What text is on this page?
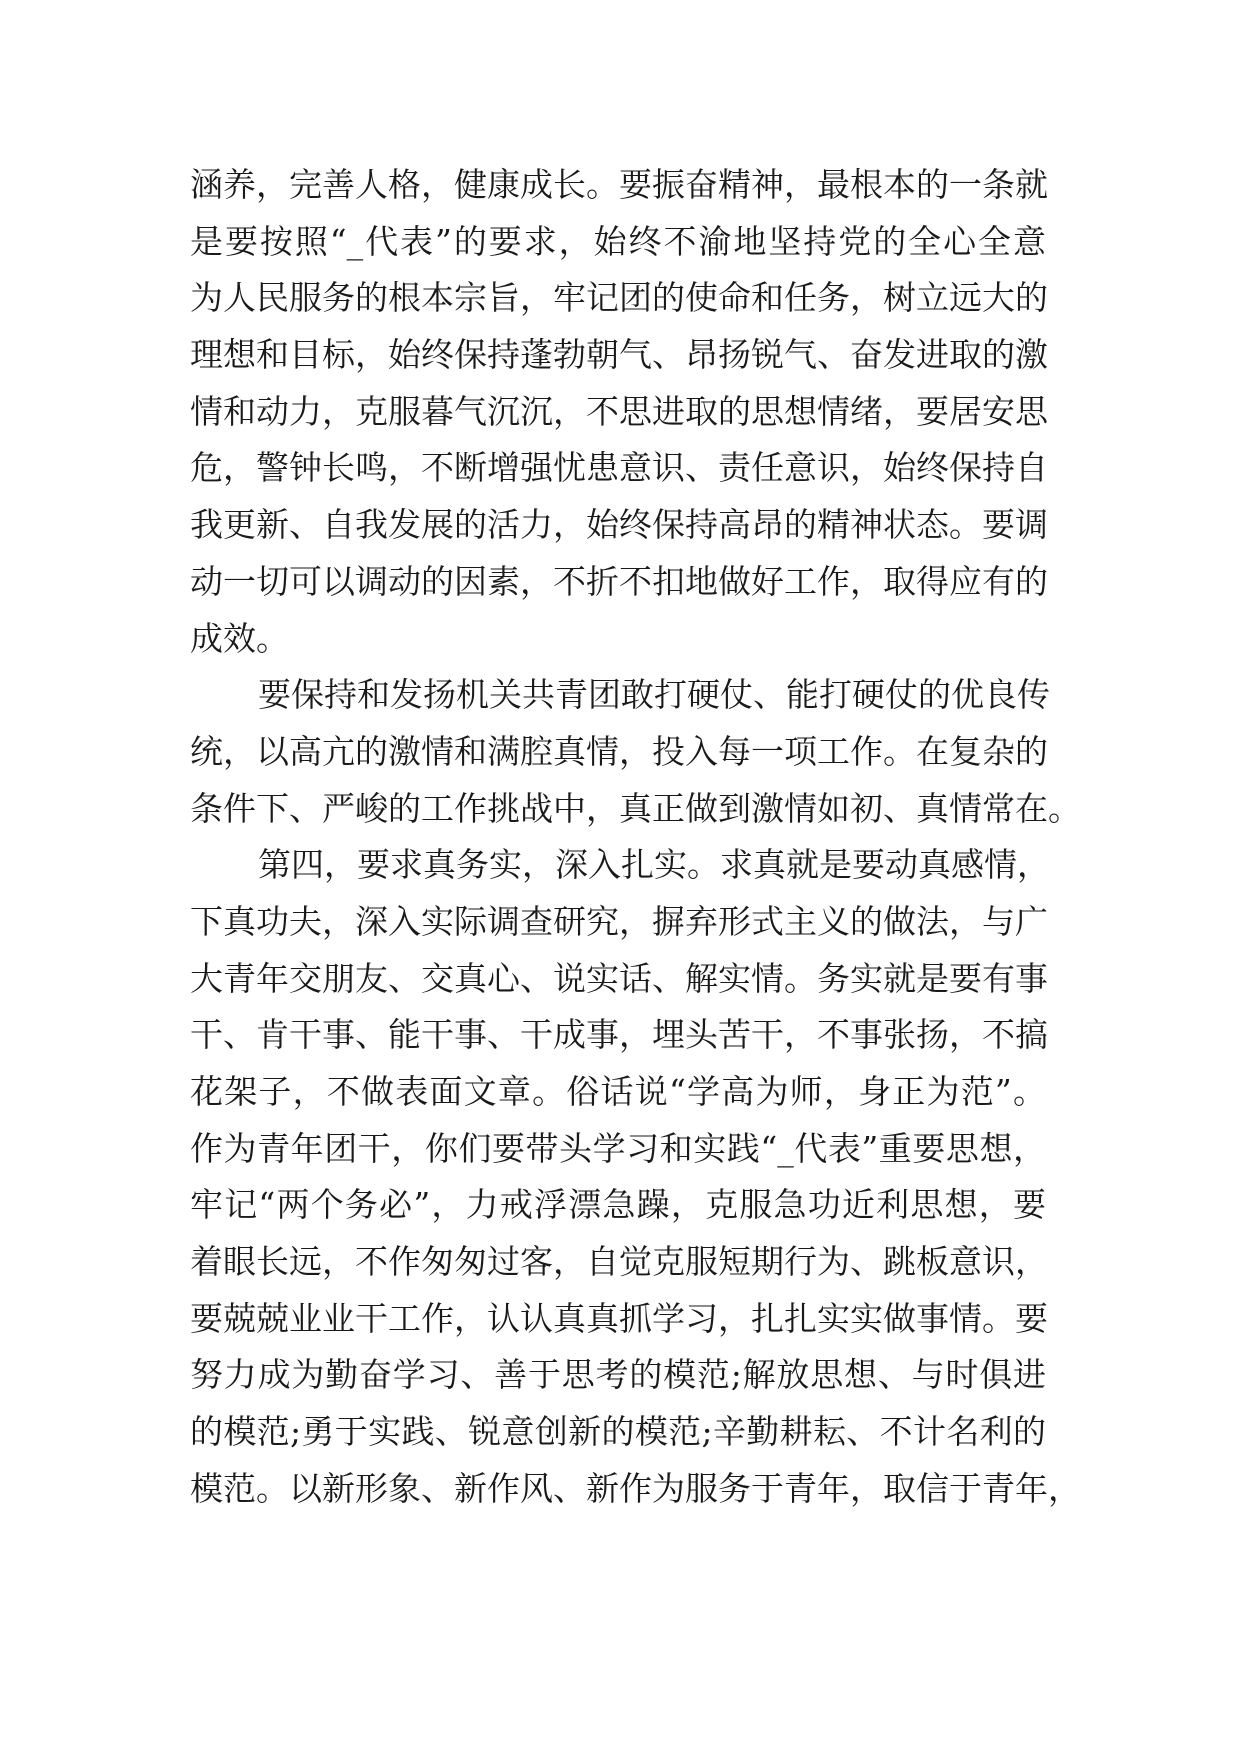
涵养，完善人格，健康成长。要振奋精神，最根本的一条就
是要按照“_代表”的要求，始终不渝地坚持党的全心全意
为人民服务的根本宗旨，牢记团的使命和任务，树立远大的
理想和目标，始终保持蓬勃朝气、昂扬锐气、奋发进取的激
情和动力，克服暮气沉沉，不思进取的思想情绪，要居安思
危，警钟长鸣，不断增强忧患意识、责任意识，始终保持自
我更新、自我发展的活力，始终保持高昂的精神状态。要调
动一切可以调动的因素，不折不扣地做好工作，取得应有的
成效。
要保持和发扬机关共青团敢打硬仗、能打硬仗的优良传
统，以高亢的激情和满腔真情，投入每一项工作。在复杂的
条件下、严峻的工作挑战中，真正做到激情如初、真情常在。
第四，要求真务实，深入扎实。求真就是要动真感情，
下真功夫，深入实际调查研究，摒弃形式主义的做法，与广
大青年交朋友、交真心、说实话、解实情。务实就是要有事
干、肯干事、能干事、干成事，埋头苦干，不事张扬，不搞
花架子，不做表面文章。俗话说“学高为师，身正为范”。
作为青年团干，你们要带头学习和实践“_代表”重要思想，
牢记“两个务必”，力戒浮漂急躁，克服急功近利思想，要
着眼长远，不作匆匆过客，自觉克服短期行为、跳板意识，
要兢兢业业干工作，认认真真抓学习，扎扎实实做事情。要
努力成为勤奋学习、善于思考的模范;解放思想、与时俱进
的模范;勇于实践、锐意创新的模范;辛勤耕耘、不计名利的
模范。以新形象、新作风、新作为服务于青年，取信于青年，
